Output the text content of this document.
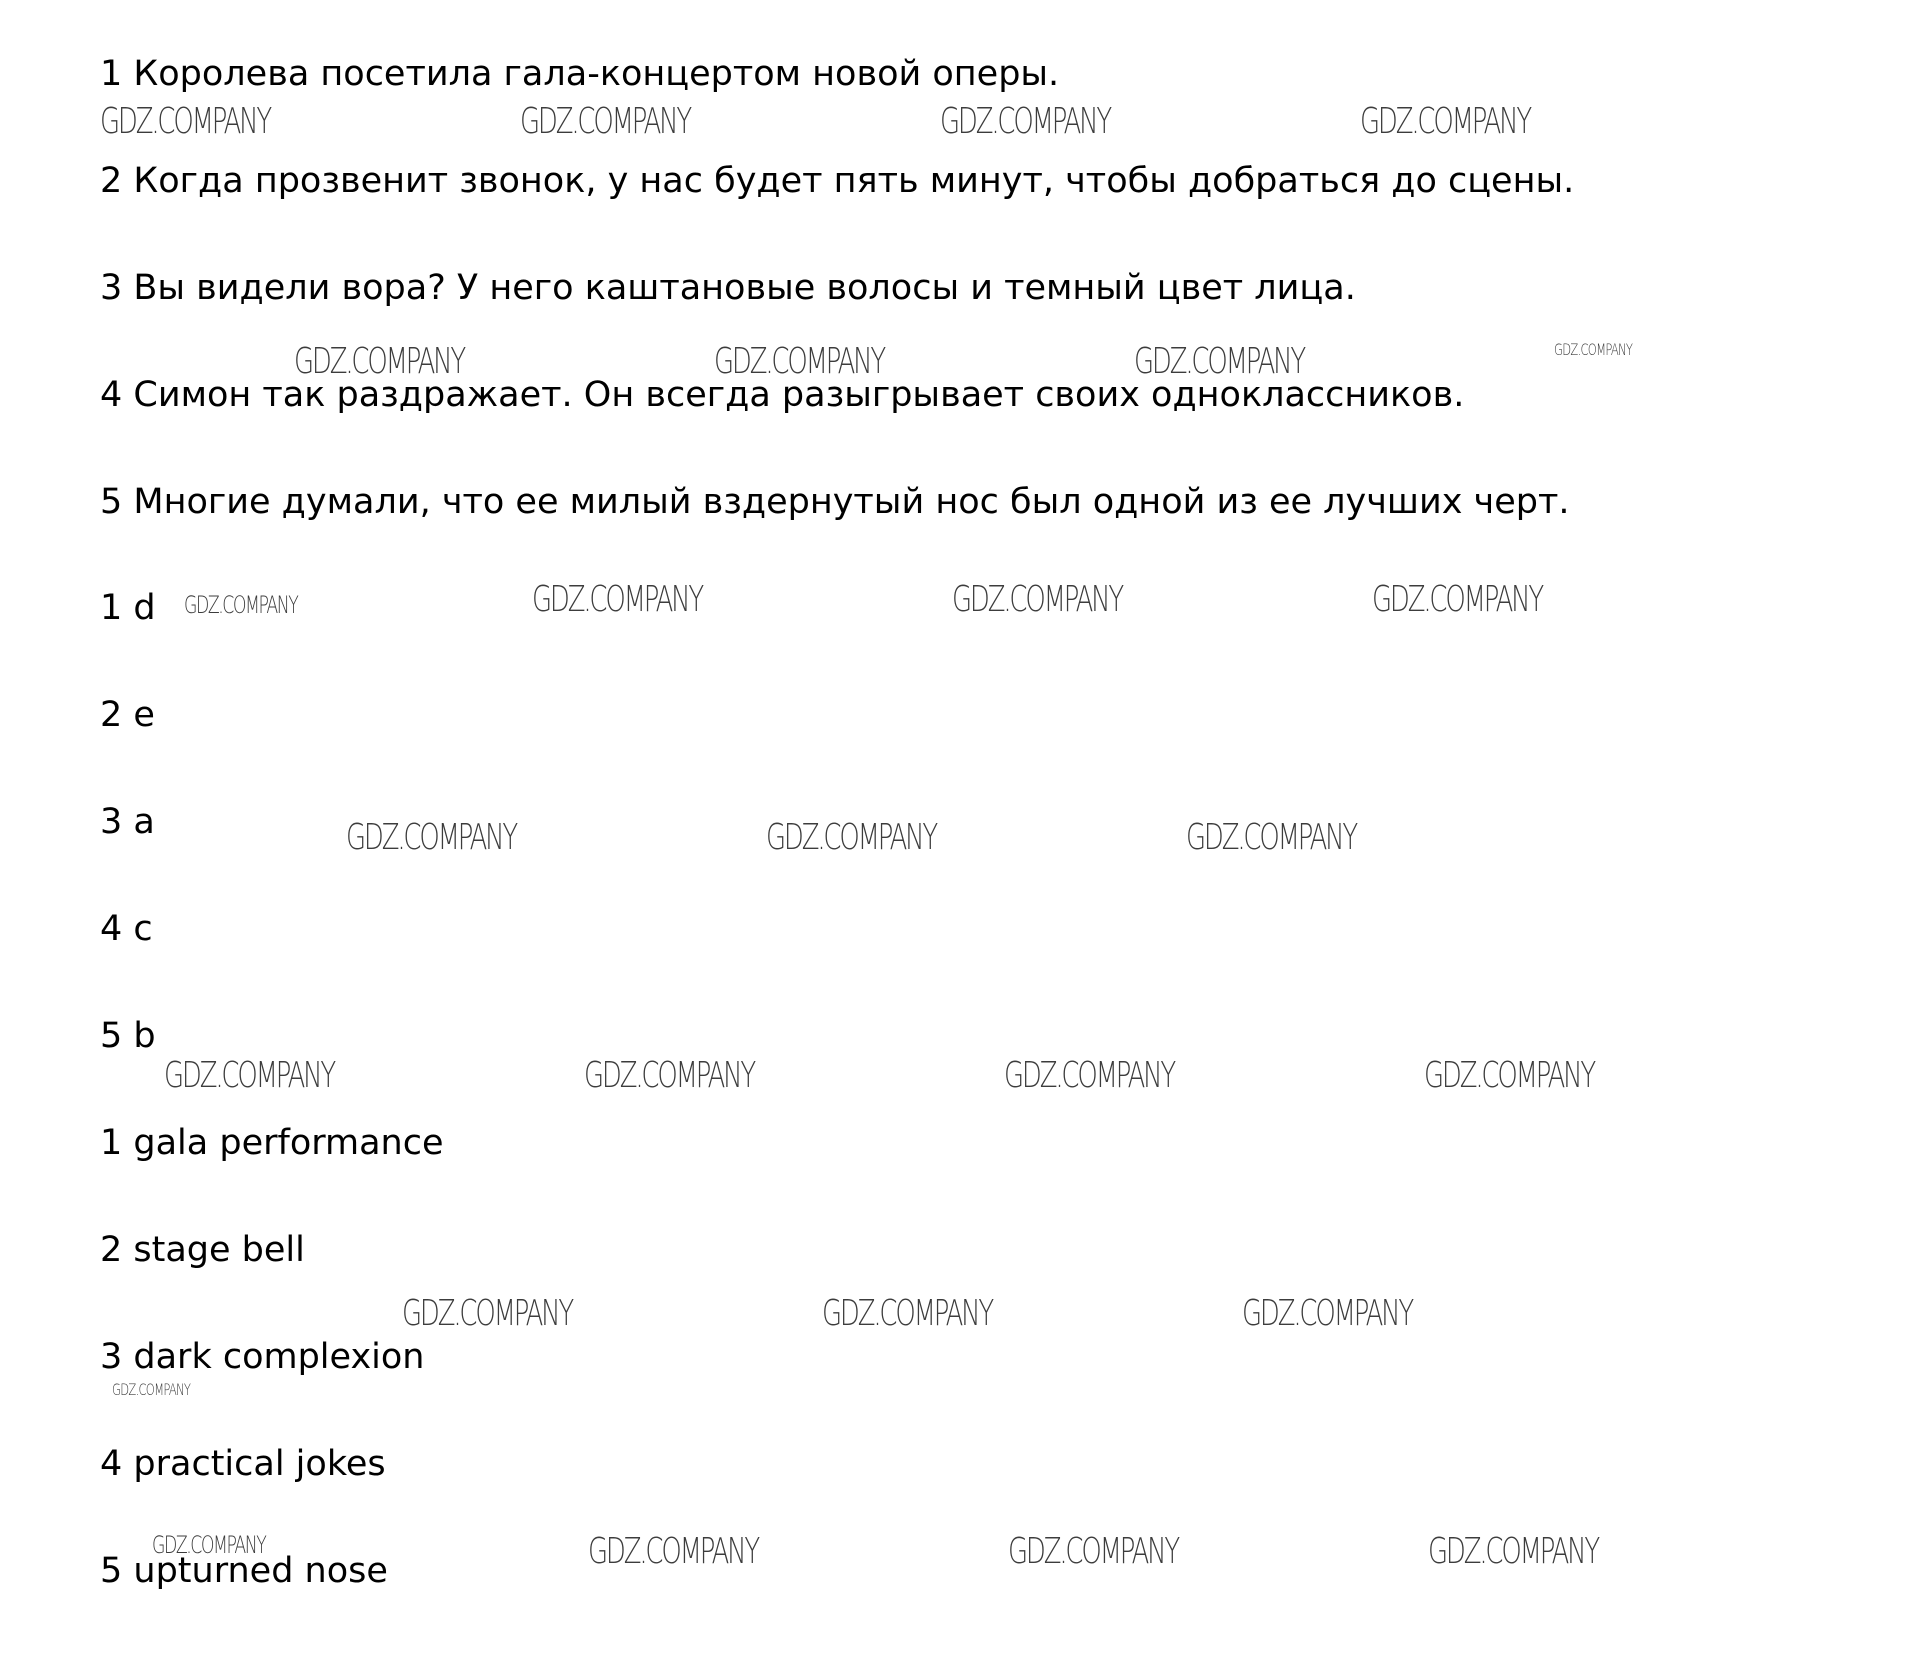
1 Королева посетила гала-концертом новой оперы.

2 Когда прозвенит звонок, у нас будет пять минут, чтобы добраться до сцены.

3 Вы видели вора? У него каштановые волосы и темный цвет лица.

4 Симон так раздражает. Он всегда разыгрывает своих одноклассников.

5 Многие думали, что ее милый вздернутый нос был одной из ее лучших черт.

1 d

2 e

3 a

4 c

5 b

1 gala performance

2 stage bell

3 dark complexion

4 practical jokes

5 upturned nose

GDZ.COMPANY	GDZ.COMPANY	GDZ.COMPANY	GDZ.COMPANY

GDZ.COMPANY	GDZ.COMPANY	GDZ.COMPANY	GDZ.COMPANY

GDZ.COMPANY	GDZ.COMPANY	GDZ.COMPANY	GDZ.COMPANY

GDZ.COMPANY	GDZ.COMPANY	GDZ.COMPANY

GDZ.COMPANY	GDZ.COMPANY	GDZ.COMPANY	GDZ.COMPANY

GDZ.COMPANY	GDZ.COMPANY	GDZ.COMPANY

GDZ.COMPANY

GDZ.COMPANY	GDZ.COMPANY	GDZ.COMPANY	GDZ.COMPANY
